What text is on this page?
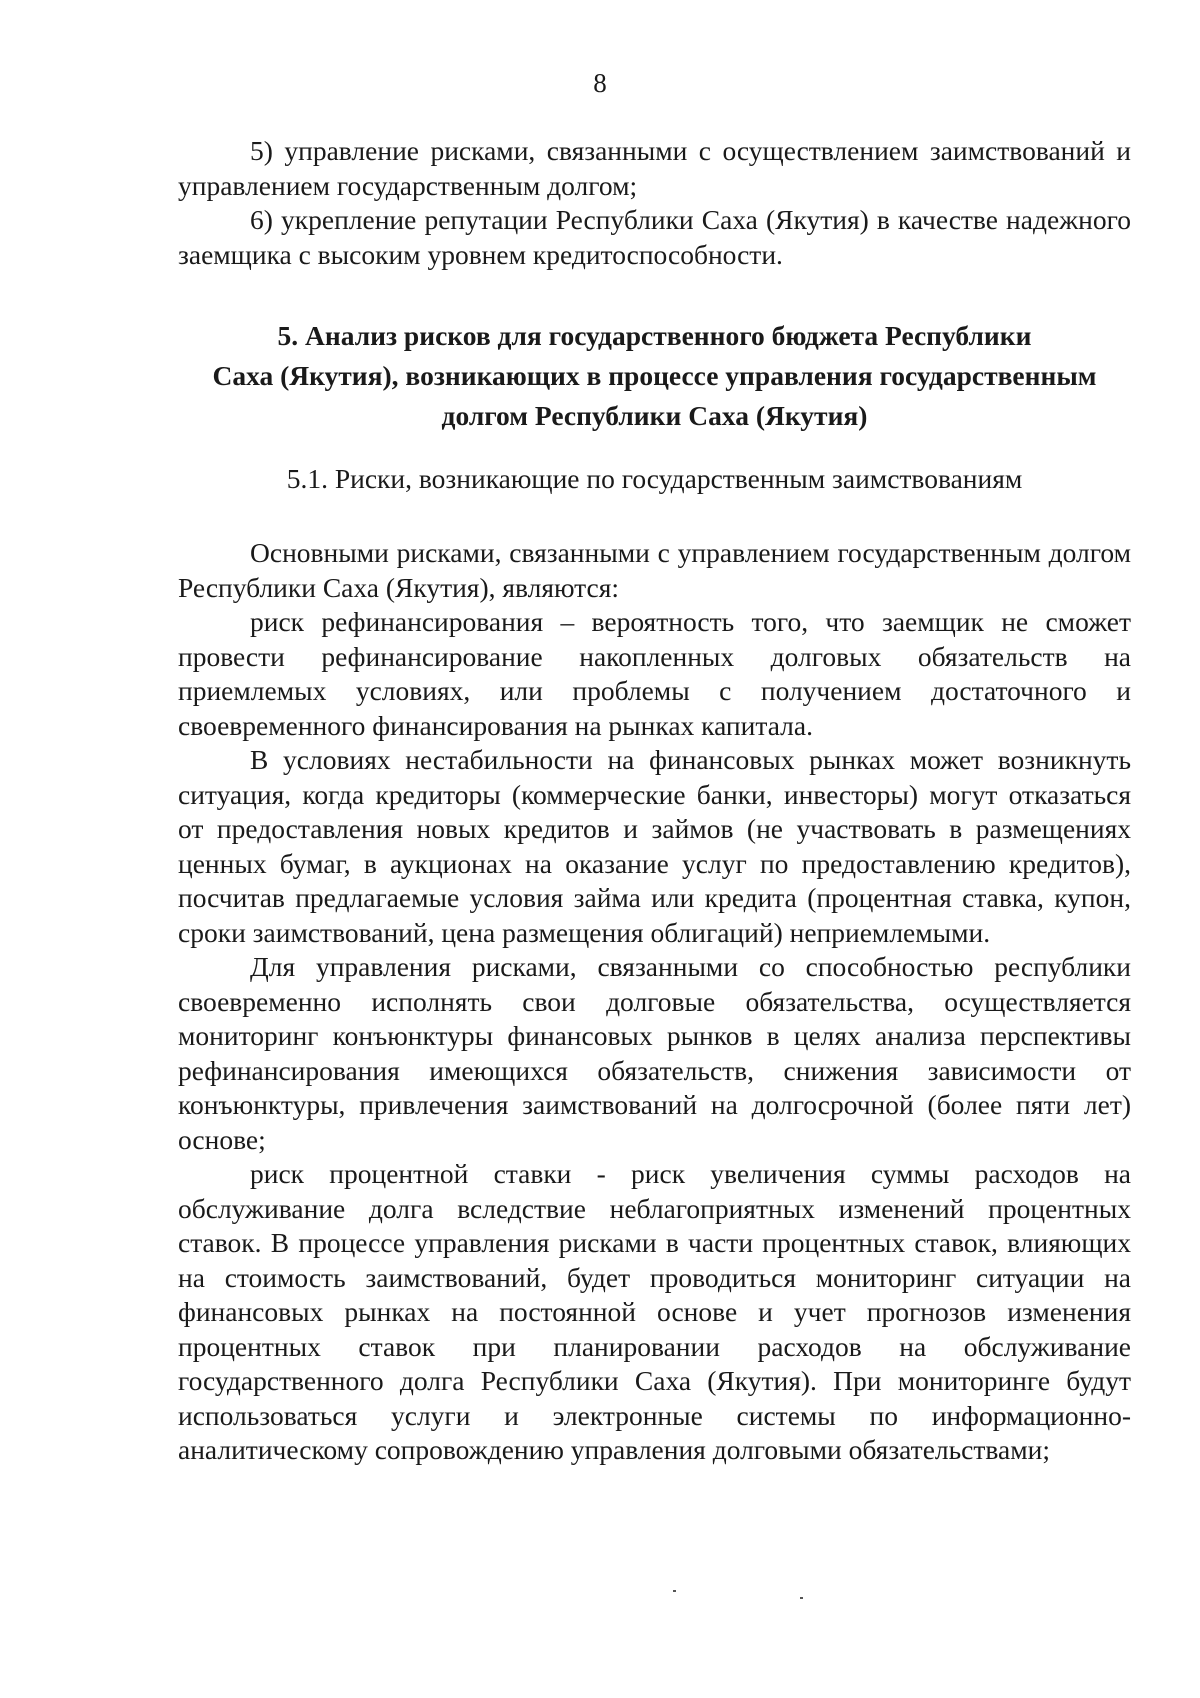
8

5) управление рисками, связанными с осуществлением заимствований и управлением государственным долгом;

6) укрепление репутации Республики Саха (Якутия) в качестве надежного заемщика с высоким уровнем кредитоспособности.

5. Анализ рисков для государственного бюджета Республики
Саха (Якутия), возникающих в процессе управления государственным
долгом Республики Саха (Якутия)
5.1. Риски, возникающие по государственным заимствованиям

Основными рисками, связанными с управлением государственным долгом Республики Саха (Якутия), являются:

риск рефинансирования – вероятность того, что заемщик не сможет провести рефинансирование накопленных долговых обязательств на приемлемых условиях, или проблемы с получением достаточного и своевременного финансирования на рынках капитала.

В условиях нестабильности на финансовых рынках может возникнуть ситуация, когда кредиторы (коммерческие банки, инвесторы) могут отказаться от предоставления новых кредитов и займов (не участвовать в размещениях ценных бумаг, в аукционах на оказание услуг по предоставлению кредитов), посчитав предлагаемые условия займа или кредита (процентная ставка, купон, сроки заимствований, цена размещения облигаций) неприемлемыми.

Для управления рисками, связанными со способностью республики своевременно исполнять свои долговые обязательства, осуществляется мониторинг конъюнктуры финансовых рынков в целях анализа перспективы рефинансирования имеющихся обязательств, снижения зависимости от конъюнктуры, привлечения заимствований на долгосрочной (более пяти лет) основе;

риск процентной ставки - риск увеличения суммы расходов на обслуживание долга вследствие неблагоприятных изменений процентных ставок. В процессе управления рисками в части процентных ставок, влияющих на стоимость заимствований, будет проводиться мониторинг ситуации на финансовых рынках на постоянной основе и учет прогнозов изменения процентных ставок при планировании расходов на обслуживание государственного долга Республики Саха (Якутия). При мониторинге будут использоваться услуги и электронные системы по информационно-аналитическому сопровождению управления долговыми обязательствами;
